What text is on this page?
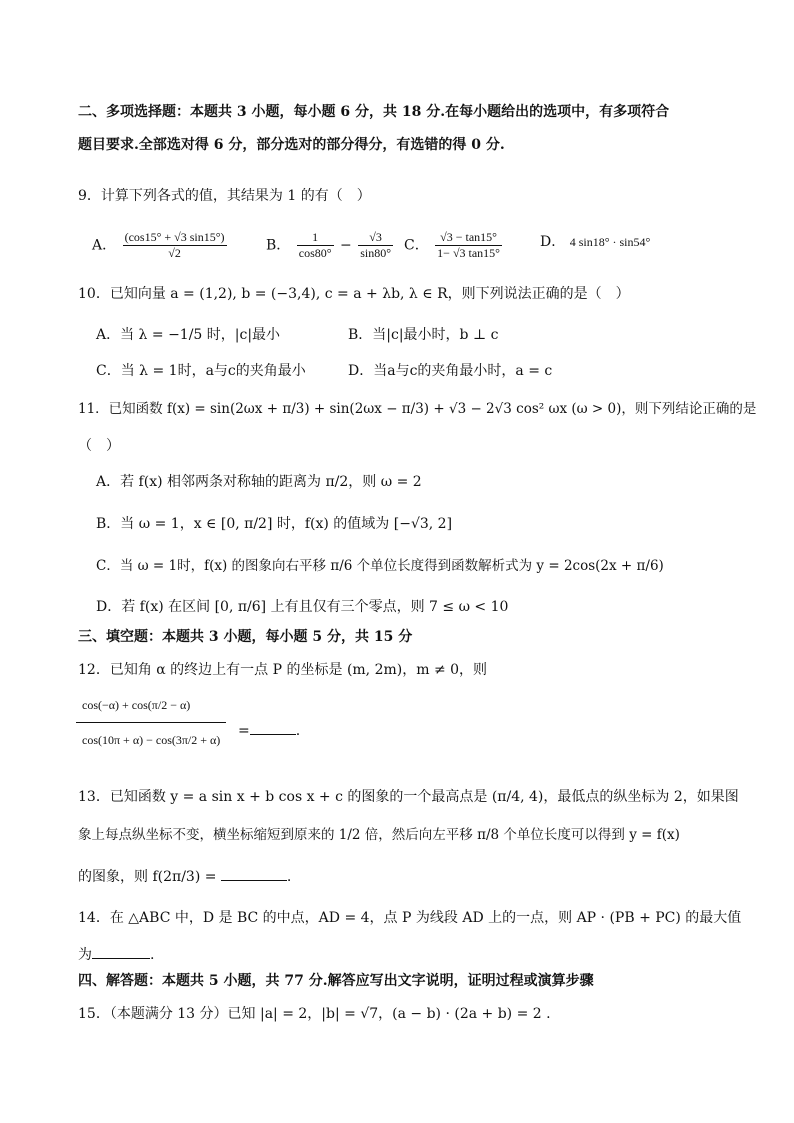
二、多项选择题：本题共 3 小题，每小题 6 分，共 18 分.在每小题给出的选项中，有多项符合
题目要求.全部选对得 6 分，部分选对的部分得分，有选错的得 0 分.
9．计算下列各式的值，其结果为 1 的有（　）
A． $\frac{(\cos 15^\circ + √3 \sin 15^\circ)}{√2}$	B． $\frac{1}{\cos 80^\circ} - \frac{√3}{\sin 80^\circ}$ C． $\frac{√3 - \tan 15^\circ}{1- √3 \tan 15^\circ}$	D． 4 sin18° · sin54°
10．已知向量 a = (1,2), b = (−3,4), c = a + λb, λ ∈ R，则下列说法正确的是（　）
A．当 λ = −1/5 时，|c|最小	B．当|c|最小时，b ⊥ c
C．当 λ = 1时，a与c的夹角最小	D．当a与c的夹角最小时，a = c
11．已知函数 f(x) = sin(2ωx + π/3) + sin(2ωx − π/3) + √3 − 2√3 cos² ωx (ω > 0)，则下列结论正确的是
（　）
A．若 f(x) 相邻两条对称轴的距离为 π/2，则 ω = 2
B．当 ω = 1，x ∈ [0, π/2] 时，f(x) 的值域为 [−√3, 2]
C．当 ω = 1时，f(x) 的图象向右平移 π/6 个单位长度得到函数解析式为 y = 2cos(2x + π/6)
D．若 f(x) 在区间 [0, π/6] 上有且仅有三个零点，则 7 ≤ ω < 10
三、填空题：本题共 3 小题，每小题 5 分，共 15 分
12．已知角 α 的终边上有一点 P 的坐标是 (m, 2m)，m ≠ 0，则
$\frac{\cos(-\alpha) + \cos(\pi/2 - \alpha)}{\cos(10\pi + \alpha) - \cos(3\pi/2 + \alpha)}$ =	.
13．已知函数 y = a sin x + b cos x + c 的图象的一个最高点是 (π/4, 4)，最低点的纵坐标为 2，如果图
象上每点纵坐标不变，横坐标缩短到原来的 1/2 倍，然后向左平移 π/8 个单位长度可以得到 y = f(x)
的图象，则 f(2π/3) =	.
14．在 △ABC 中，D 是 BC 的中点，AD = 4，点 P 为线段 AD 上的一点，则 AP · (PB + PC) 的最大值
为	.
四、解答题：本题共 5 小题，共 77 分.解答应写出文字说明，证明过程或演算步骤
15．（本题满分 13 分）已知 |a| = 2，|b| = √7，(a − b) · (2a + b) = 2 .
